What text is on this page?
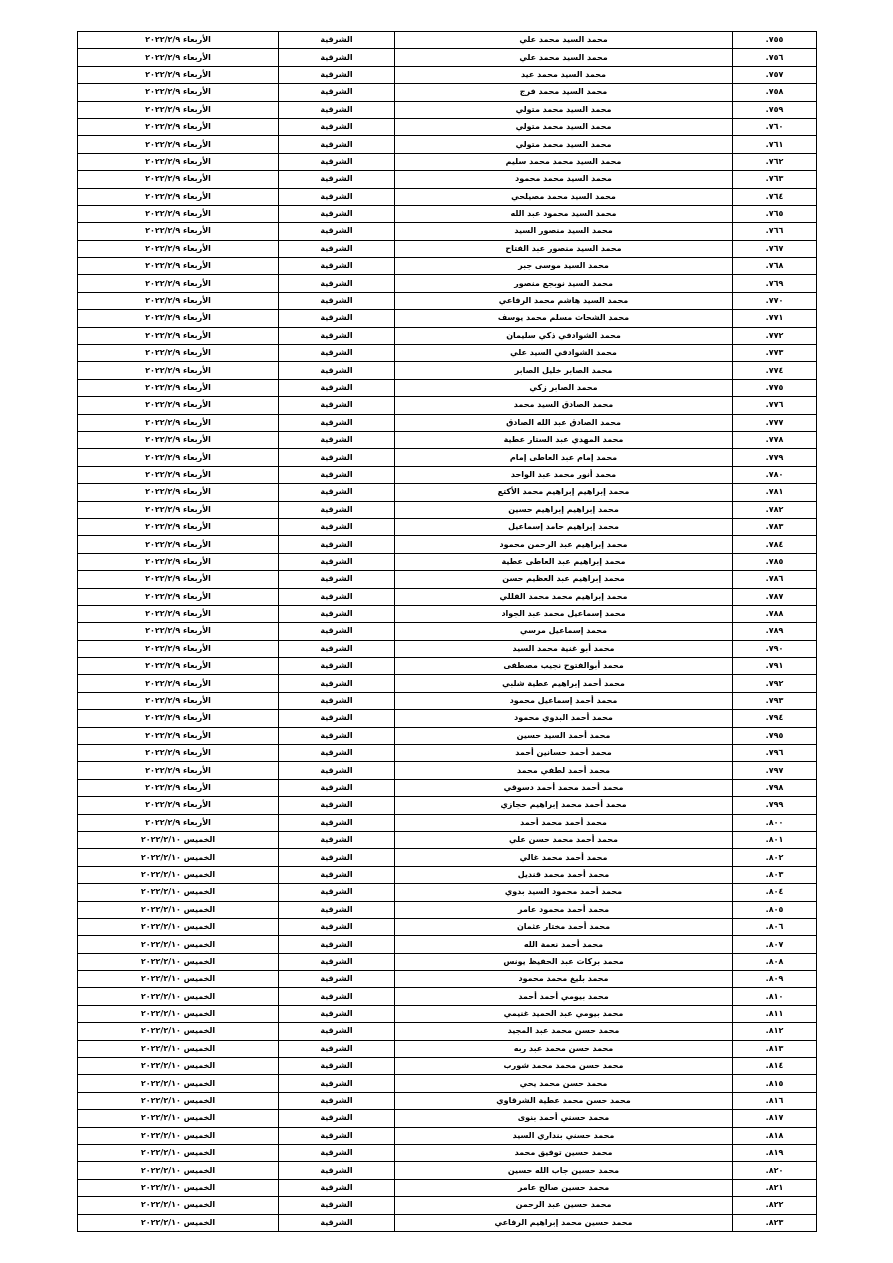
٧٥٥.	محمد السيد محمد علي	الشرقية	الأربعاء ٢٠٢٢/٢/٩
٧٥٦.	محمد السيد محمد علي	الشرقية	الأربعاء ٢٠٢٢/٢/٩
٧٥٧.	محمد السيد محمد عيد	الشرقية	الأربعاء ٢٠٢٢/٢/٩
٧٥٨.	محمد السيد محمد فرج	الشرقية	الأربعاء ٢٠٢٢/٢/٩
٧٥٩.	محمد السيد محمد متولي	الشرقية	الأربعاء ٢٠٢٢/٢/٩
٧٦٠.	محمد السيد محمد متولي	الشرقية	الأربعاء ٢٠٢٢/٢/٩
٧٦١.	محمد السيد محمد متولي	الشرقية	الأربعاء ٢٠٢٢/٢/٩
٧٦٢.	محمد السيد محمد محمد سليم	الشرقية	الأربعاء ٢٠٢٢/٢/٩
٧٦٣.	محمد السيد محمد محمود	الشرقية	الأربعاء ٢٠٢٢/٢/٩
٧٦٤.	محمد السيد محمد مصيلحي	الشرقية	الأربعاء ٢٠٢٢/٢/٩
٧٦٥.	محمد السيد محمود عبد الله	الشرقية	الأربعاء ٢٠٢٢/٢/٩
٧٦٦.	محمد السيد منصور السيد	الشرقية	الأربعاء ٢٠٢٢/٢/٩
٧٦٧.	محمد السيد منصور عبد الفتاح	الشرقية	الأربعاء ٢٠٢٢/٢/٩
٧٦٨.	محمد السيد موسى جبر	الشرقية	الأربعاء ٢٠٢٢/٢/٩
٧٦٩.	محمد السيد نوبجع منصور	الشرقية	الأربعاء ٢٠٢٢/٢/٩
٧٧٠.	محمد السيد هاشم محمد الرفاعي	الشرقية	الأربعاء ٢٠٢٢/٢/٩
٧٧١.	محمد الشحات مسلم محمد يوسف	الشرقية	الأربعاء ٢٠٢٢/٢/٩
٧٧٢.	محمد الشوادفي ذكي سليمان	الشرقية	الأربعاء ٢٠٢٢/٢/٩
٧٧٣.	محمد الشوادفي السيد علي	الشرقية	الأربعاء ٢٠٢٢/٢/٩
٧٧٤.	محمد الصابر خليل الصابر	الشرقية	الأربعاء ٢٠٢٢/٢/٩
٧٧٥.	محمد الصابر زكي	الشرقية	الأربعاء ٢٠٢٢/٢/٩
٧٧٦.	محمد الصادق السيد محمد	الشرقية	الأربعاء ٢٠٢٢/٢/٩
٧٧٧.	محمد الصادق عبد الله الصادق	الشرقية	الأربعاء ٢٠٢٢/٢/٩
٧٧٨.	محمد المهدي عبد الستار عطية	الشرقية	الأربعاء ٢٠٢٢/٢/٩
٧٧٩.	محمد إمام عبد العاطى إمام	الشرقية	الأربعاء ٢٠٢٢/٢/٩
٧٨٠.	محمد أنور محمد عبد الواحد	الشرقية	الأربعاء ٢٠٢٢/٢/٩
٧٨١.	محمد إبراهيم إبراهيم محمد الأكتع	الشرقية	الأربعاء ٢٠٢٢/٢/٩
٧٨٢.	محمد إبراهيم إبراهيم حسين	الشرقية	الأربعاء ٢٠٢٢/٢/٩
٧٨٣.	محمد إبراهيم حامد إسماعيل	الشرقية	الأربعاء ٢٠٢٢/٢/٩
٧٨٤.	محمد إبراهيم عبد الرحمن محمود	الشرقية	الأربعاء ٢٠٢٢/٢/٩
٧٨٥.	محمد إبراهيم عبد العاطى عطية	الشرقية	الأربعاء ٢٠٢٢/٢/٩
٧٨٦.	محمد إبراهيم عبد العظيم حسن	الشرقية	الأربعاء ٢٠٢٢/٢/٩
٧٨٧.	محمد إبراهيم محمد محمد الفللي	الشرقية	الأربعاء ٢٠٢٢/٢/٩
٧٨٨.	محمد إسماعيل محمد عبد الجواد	الشرقية	الأربعاء ٢٠٢٢/٢/٩
٧٨٩.	محمد إسماعيل مرسي	الشرقية	الأربعاء ٢٠٢٢/٢/٩
٧٩٠.	محمد أبو غنية محمد السيد	الشرقية	الأربعاء ٢٠٢٢/٢/٩
٧٩١.	محمد أبوالفتوح نجيب مصطفى	الشرقية	الأربعاء ٢٠٢٢/٢/٩
٧٩٢.	محمد أحمد إبراهيم عطية شلبي	الشرقية	الأربعاء ٢٠٢٢/٢/٩
٧٩٣.	محمد أحمد إسماعيل محمود	الشرقية	الأربعاء ٢٠٢٢/٢/٩
٧٩٤.	محمد أحمد البدوي محمود	الشرقية	الأربعاء ٢٠٢٢/٢/٩
٧٩٥.	محمد أحمد السيد حسين	الشرقية	الأربعاء ٢٠٢٢/٢/٩
٧٩٦.	محمد أحمد حسانين أحمد	الشرقية	الأربعاء ٢٠٢٢/٢/٩
٧٩٧.	محمد أحمد لطفي محمد	الشرقية	الأربعاء ٢٠٢٢/٢/٩
٧٩٨.	محمد أحمد محمد أحمد دسوقي	الشرقية	الأربعاء ٢٠٢٢/٢/٩
٧٩٩.	محمد أحمد محمد إبراهيم حجازي	الشرقية	الأربعاء ٢٠٢٢/٢/٩
٨٠٠.	محمد أحمد محمد أحمد	الشرقية	الأربعاء ٢٠٢٢/٢/٩
٨٠١.	محمد أحمد محمد حسن علي	الشرقية	الخميس ٢٠٢٢/٢/١٠
٨٠٢.	محمد أحمد محمد غالي	الشرقية	الخميس ٢٠٢٢/٢/١٠
٨٠٣.	محمد أحمد محمد قنديل	الشرقية	الخميس ٢٠٢٢/٢/١٠
٨٠٤.	محمد أحمد محمود السيد بدوي	الشرقية	الخميس ٢٠٢٢/٢/١٠
٨٠٥.	محمد أحمد محمود عامر	الشرقية	الخميس ٢٠٢٢/٢/١٠
٨٠٦.	محمد أحمد مختار عثمان	الشرقية	الخميس ٢٠٢٢/٢/١٠
٨٠٧.	محمد أحمد نعمة الله	الشرقية	الخميس ٢٠٢٢/٢/١٠
٨٠٨.	محمد بركات عبد الحفيظ يونس	الشرقية	الخميس ٢٠٢٢/٢/١٠
٨٠٩.	محمد بليغ محمد محمود	الشرقية	الخميس ٢٠٢٢/٢/١٠
٨١٠.	محمد بيومي أحمد أحمد	الشرقية	الخميس ٢٠٢٢/٢/١٠
٨١١.	محمد بيومي عبد الحميد غنيمي	الشرقية	الخميس ٢٠٢٢/٢/١٠
٨١٢.	محمد حسن محمد عبد المجيد	الشرقية	الخميس ٢٠٢٢/٢/١٠
٨١٣.	محمد حسن محمد عبد ربه	الشرقية	الخميس ٢٠٢٢/٢/١٠
٨١٤.	محمد حسن محمد محمد شورب	الشرقية	الخميس ٢٠٢٢/٢/١٠
٨١٥.	محمد حسن محمد يحي	الشرقية	الخميس ٢٠٢٢/٢/١٠
٨١٦.	محمد حسن محمد عطية الشرقاوي	الشرقية	الخميس ٢٠٢٢/٢/١٠
٨١٧.	محمد حسني أحمد بنوى	الشرقية	الخميس ٢٠٢٢/٢/١٠
٨١٨.	محمد حسني بنداري السيد	الشرقية	الخميس ٢٠٢٢/٢/١٠
٨١٩.	محمد حسين توفيق محمد	الشرقية	الخميس ٢٠٢٢/٢/١٠
٨٢٠.	محمد حسين جاب الله حسين	الشرقية	الخميس ٢٠٢٢/٢/١٠
٨٢١.	محمد حسين صالح عامر	الشرقية	الخميس ٢٠٢٢/٢/١٠
٨٢٢.	محمد حسين عبد الرحمن	الشرقية	الخميس ٢٠٢٢/٢/١٠
٨٢٣.	محمد حسين محمد إبراهيم الرفاعي	الشرقية	الخميس ٢٠٢٢/٢/١٠
